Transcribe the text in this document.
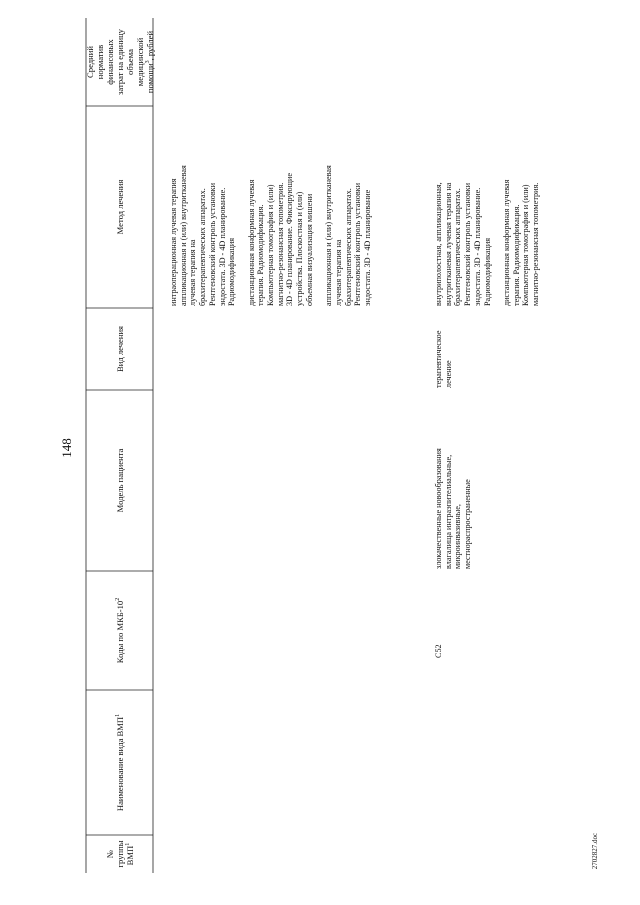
148
2702827.doc
№ группы ВМП$^1$
Наименование вида ВМП$^1$
Коды по МКБ-$10^2$
Модель пациента
Вид лечения
Метод лечения
Средний норматив финансовых затрат на единицу объема медицинской помощи$^3$, рублей
интраоперационная лучевая терапия аппликационная и (или) внутритканевая лучевая терапия на брахитерапевтических аппаратах. Рентгеновский контроль установки эндостата. 3D - 4D планирование. Радиомодификация дистанционная конформная лучевая терапия. Радиомодификация. Компьютерная томография и (или) магнитно-резонансная топометрия. 3D - 4D планирование. Фиксирующие устройства. Плоскостная и (или) объемная визуализация мишени аппликационная и (или) внутритканевая лучевая терапия на брахитерапевтических аппаратах. Рентгеновский контроль установки эндостата. 3D - 4D планирование
C52
злокачественные новообразования влагалища интраэпителиальные, микроинвазивные, местнораспространенные
терапевтическое лечение
внутриполостная, аппликационная, внутритканевая лучевая терапия на брахитерапевтических аппаратах. Рентгеновский контроль установки эндостата. 3D - 4D планирование. Радиомодификация дистанционная конформная лучевая терапия. Радиомодификация. Компьютерная томография и (или) магнитно-резонансная топометрия.
